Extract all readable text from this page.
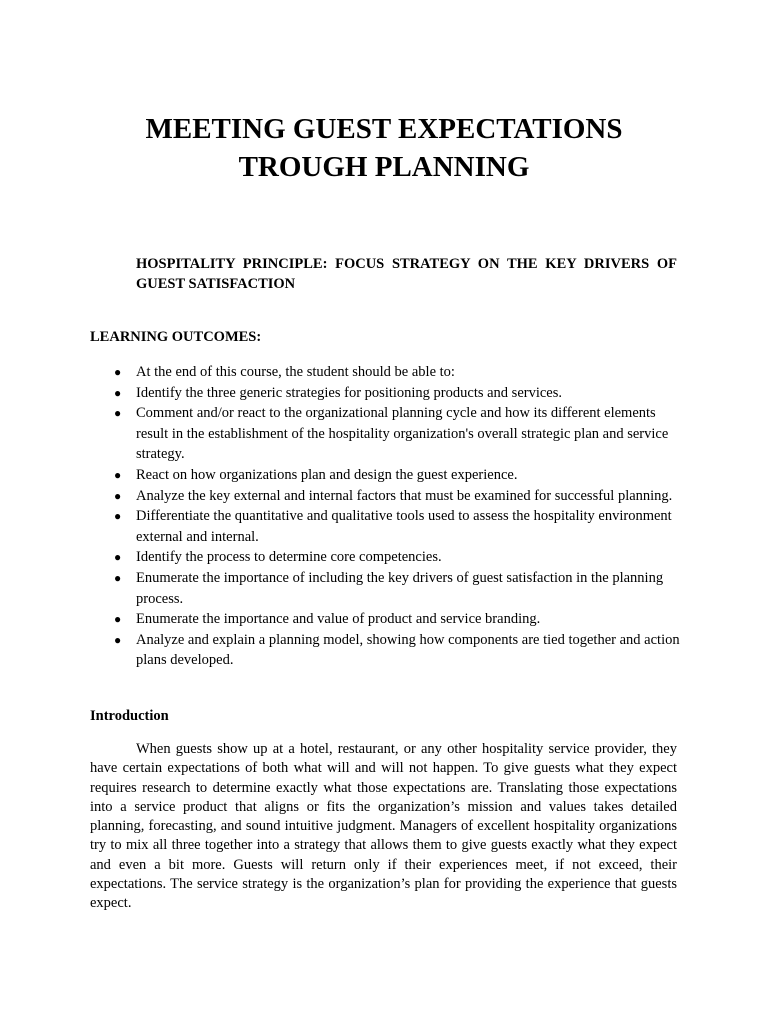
MEETING GUEST EXPECTATIONS
TROUGH PLANNING

HOSPITALITY PRINCIPLE: FOCUS STRATEGY ON THE KEY DRIVERS OF GUEST SATISFACTION

LEARNING OUTCOMES:
● At the end of this course, the student should be able to:
● Identify the three generic strategies for positioning products and services.
● Comment and/or react to the organizational planning cycle and how its different elements result in the establishment of the hospitality organization's overall strategic plan and service strategy.
● React on how organizations plan and design the guest experience.
● Analyze the key external and internal factors that must be examined for successful planning.
● Differentiate the quantitative and qualitative tools used to assess the hospitality environment external and internal.
● Identify the process to determine core competencies.
● Enumerate the importance of including the key drivers of guest satisfaction in the planning process.
● Enumerate the importance and value of product and service branding.
● Analyze and explain a planning model, showing how components are tied together and action plans developed.
Introduction

When guests show up at a hotel, restaurant, or any other hospitality service provider, they have certain expectations of both what will and will not happen. To give guests what they expect requires research to determine exactly what those expectations are. Translating those expectations into a service product that aligns or fits the organization’s mission and values takes detailed planning, forecasting, and sound intuitive judgment. Managers of excellent hospitality organizations try to mix all three together into a strategy that allows them to give guests exactly what they expect and even a bit more. Guests will return only if their experiences meet, if not exceed, their expectations. The service strategy is the organization’s plan for providing the experience that guests expect.
